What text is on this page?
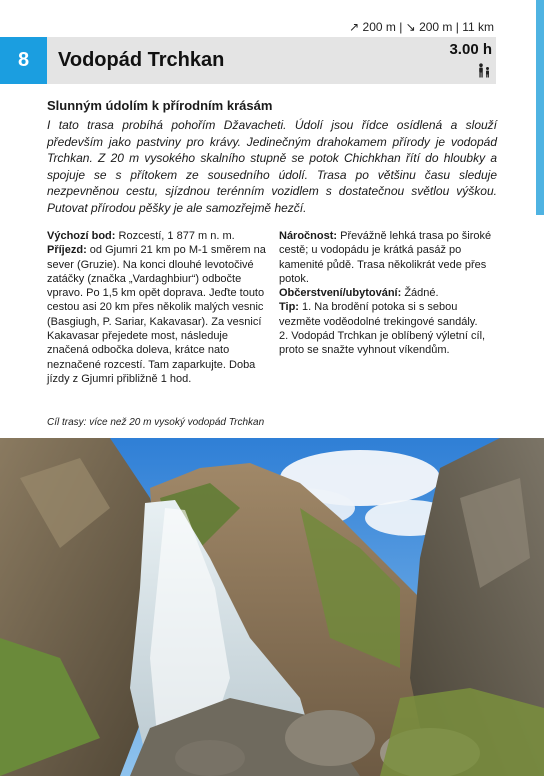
↗ 200 m | ↘ 200 m | 11 km
8	Vodopád Trchkan	3.00 h
Slunným údolím k přírodním krásám
I tato trasa probíhá pohořím Džavacheti. Údolí jsou řídce osídlená a slouží především jako pastviny pro krávy. Jedinečným drahokamem přírody je vodopád Trchkan. Z 20 m vysokého skalního stupně se potok Chichkhan řítí do hloubky a spojuje se s přítokem ze sousedního údolí. Trasa po většinu času sleduje nezpevněnou cestu, sjízdnou terénním vozidlem s dostatečnou světlou výškou. Putovat přírodou pěšky je ale samozřejmě hezčí.

Výchozí bod: Rozcestí, 1 877 m n. m.

Příjezd: od Gjumri 21 km po M-1 směrem na sever (Gruzie). Na konci dlouhé levotočivé zatáčky (značka „Vardaghbiur“) odbočte vpravo. Po 1,5 km opět doprava. Jeďte touto cestou asi 20 km přes několik malých vesnic (Basgiugh, P. Sariar, Kakavasar). Za vesnicí Kakavasar přejedete most, následuje značená odbočka doleva, krátce nato neznačené rozcestí. Tam zaparkujte. Doba jízdy z Gjumri přibližně 1 hod.

Náročnost: Převážně lehká trasa po široké cestě; u vodopádu je krátká pasáž po kamenité půdě. Trasa několikrát vede přes potok.

Občerstvení/ubytování: Žádné.

Tip: 1. Na brodění potoka si s sebou vezměte voděodolné trekingové sandály.

2. Vodopád Trchkan je oblíbený výletní cíl, proto se snažte vyhnout víkendům.

Cíl trasy: více než 20 m vysoký vodopád Trchkan
